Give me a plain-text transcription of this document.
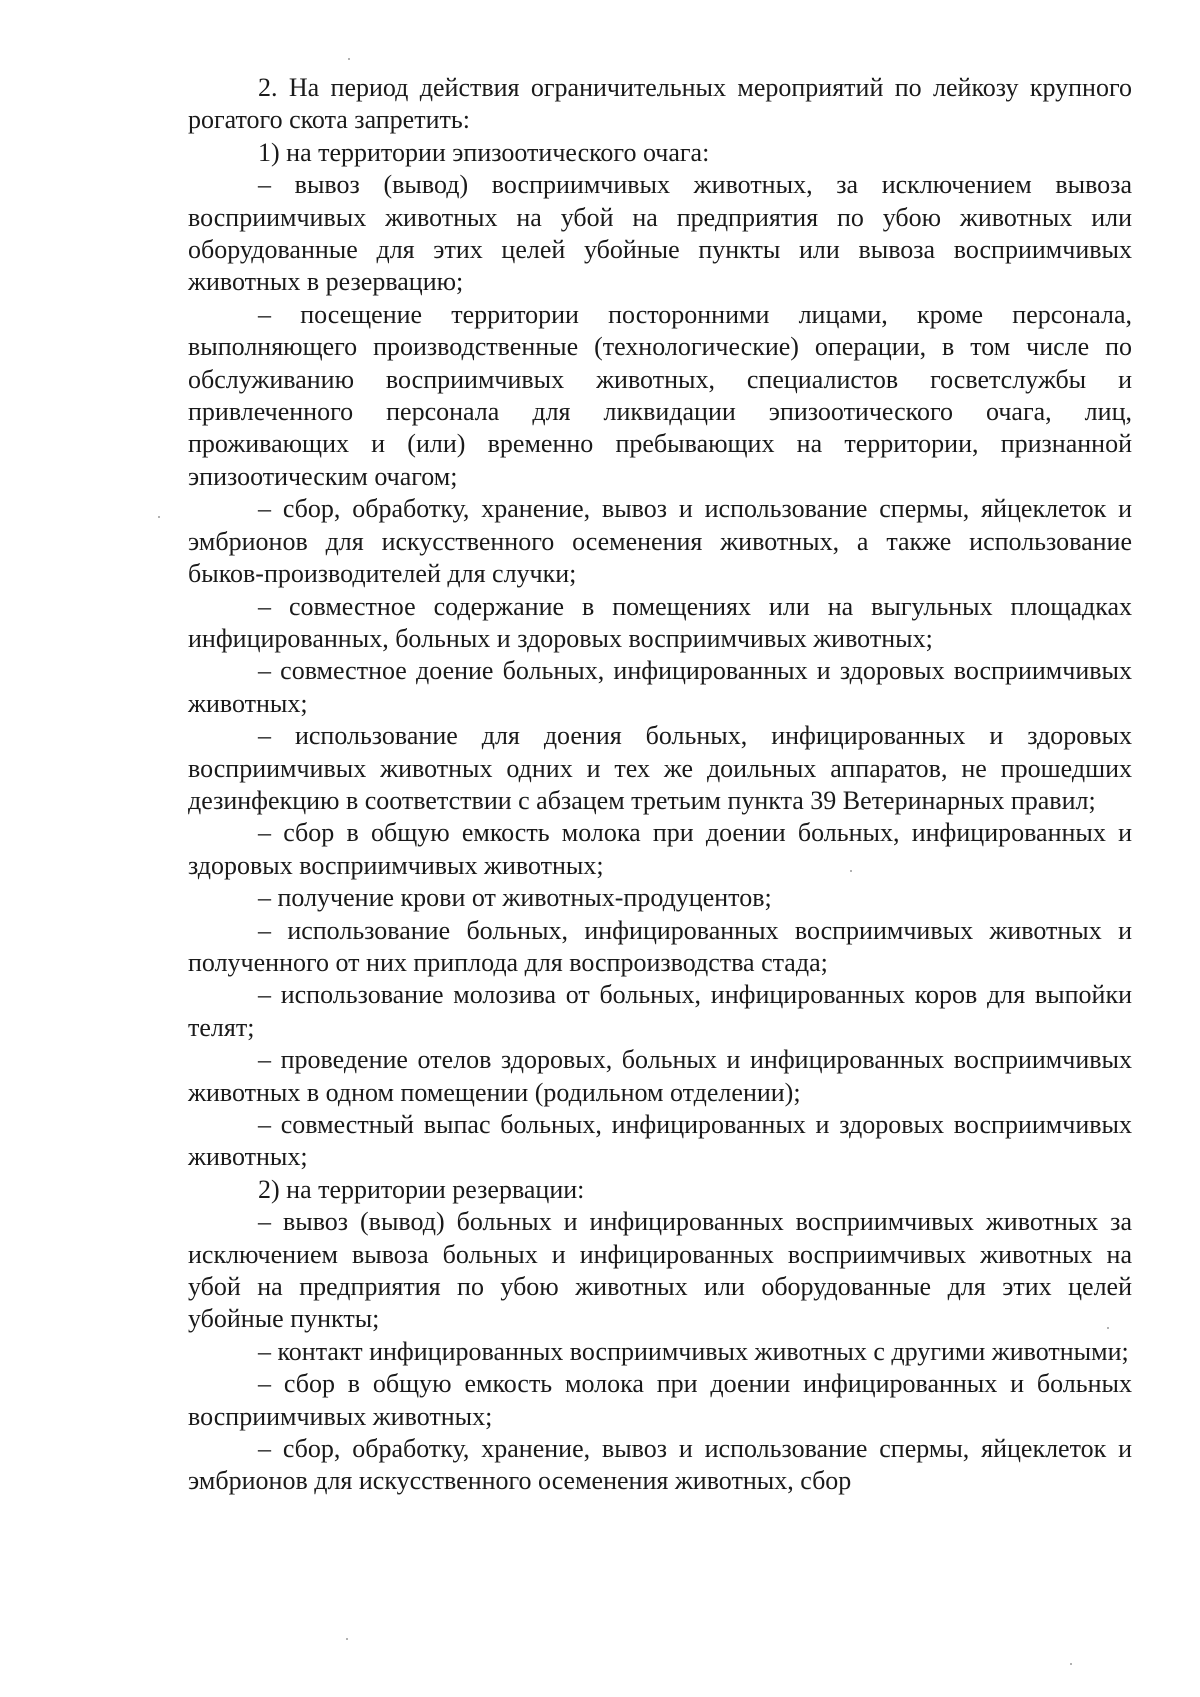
2. На период действия ограничительных мероприятий по лейкозу крупного рогатого скота запретить:

1) на территории эпизоотического очага:

– вывоз (вывод) восприимчивых животных, за исключением вывоза восприимчивых животных на убой на предприятия по убою животных или оборудованные для этих целей убойные пункты или вывоза восприимчивых животных в резервацию;

– посещение территории посторонними лицами, кроме персонала, выполняющего производственные (технологические) операции, в том числе по обслуживанию восприимчивых животных, специалистов госветслужбы и привлеченного персонала для ликвидации эпизоотического очага, лиц, проживающих и (или) временно пребывающих на территории, признанной эпизоотическим очагом;

– сбор, обработку, хранение, вывоз и использование спермы, яйцеклеток и эмбрионов для искусственного осеменения животных, а также использование быков-производителей для случки;

– совместное содержание в помещениях или на выгульных площадках инфицированных, больных и здоровых восприимчивых животных;

– совместное доение больных, инфицированных и здоровых восприимчивых животных;

– использование для доения больных, инфицированных и здоровых восприимчивых животных одних и тех же доильных аппаратов, не прошедших дезинфекцию в соответствии с абзацем третьим пункта 39 Ветеринарных правил;

– сбор в общую емкость молока при доении больных, инфицированных и здоровых восприимчивых животных;

– получение крови от животных-продуцентов;

– использование больных, инфицированных восприимчивых животных и полученного от них приплода для воспроизводства стада;

– использование молозива от больных, инфицированных коров для выпойки телят;

– проведение отелов здоровых, больных и инфицированных восприимчивых животных в одном помещении (родильном отделении);

– совместный выпас больных, инфицированных и здоровых восприимчивых животных;

2) на территории резервации:

– вывоз (вывод) больных и инфицированных восприимчивых животных за исключением вывоза больных и инфицированных восприимчивых животных на убой на предприятия по убою животных или оборудованные для этих целей убойные пункты;

– контакт инфицированных восприимчивых животных с другими животными;

– сбор в общую емкость молока при доении инфицированных и больных восприимчивых животных;

– сбор, обработку, хранение, вывоз и использование спермы, яйцеклеток и эмбрионов для искусственного осеменения животных, сбор
